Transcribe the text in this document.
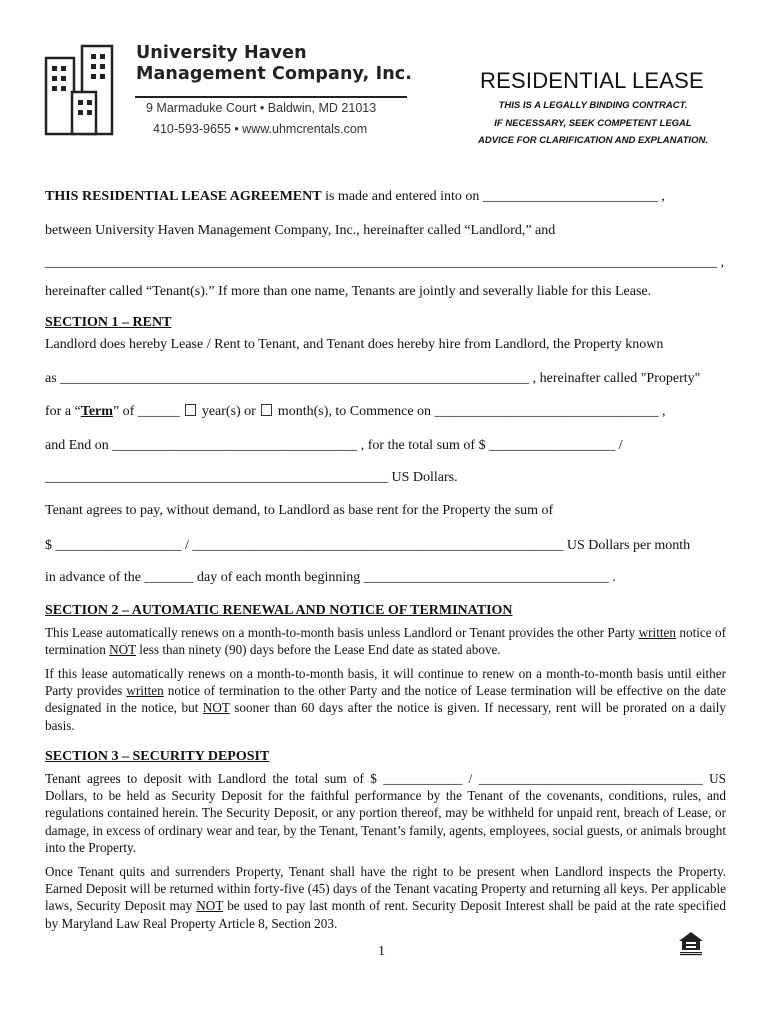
University Haven
Management Company, Inc.
9 Marmaduke Court • Baldwin, MD 21013
410-593-9655 • www.uhmcrentals.com
RESIDENTIAL LEASE
THIS IS A LEGALLY BINDING CONTRACT.
IF NECESSARY, SEEK COMPETENT LEGAL
ADVICE FOR CLARIFICATION AND EXPLANATION.
THIS RESIDENTIAL LEASE AGREEMENT is made and entered into on _________________________ ,
between University Haven Management Company, Inc., hereinafter called “Landlord,” and
________________________________________________________________________________________________ ,
hereinafter called “Tenant(s).” If more than one name, Tenants are jointly and severally liable for this Lease.
SECTION 1 – RENT
Landlord does hereby Lease / Rent to Tenant, and Tenant does hereby hire from Landlord, the Property known
as ___________________________________________________________________ , hereinafter called "Property"
for a “Term” of ______  year(s) or  month(s), to Commence on ________________________________ ,
and End on ___________________________________ , for the total sum of $ __________________ /
_________________________________________________ US Dollars.
Tenant agrees to pay, without demand, to Landlord as base rent for the Property the sum of
$ __________________ / _____________________________________________________ US Dollars per month
in advance of the _______ day of each month beginning ___________________________________ .
SECTION 2 – AUTOMATIC RENEWAL AND NOTICE OF TERMINATION
This Lease automatically renews on a month-to-month basis unless Landlord or Tenant provides the other Party written notice of termination NOT less than ninety (90) days before the Lease End date as stated above.
If this lease automatically renews on a month-to-month basis, it will continue to renew on a month-to-month basis until either Party provides written notice of termination to the other Party and the notice of Lease termination will be effective on the date designated in the notice, but NOT sooner than 60 days after the notice is given. If necessary, rent will be prorated on a daily basis.
SECTION 3 – SECURITY DEPOSIT
Tenant agrees to deposit with Landlord the total sum of $ ____________ / __________________________________ US Dollars, to be held as Security Deposit for the faithful performance by the Tenant of the covenants, conditions, rules, and regulations contained herein. The Security Deposit, or any portion thereof, may be withheld for unpaid rent, breach of Lease, or damage, in excess of ordinary wear and tear, by the Tenant, Tenant’s family, agents, employees, social guests, or animals brought into the Property.
Once Tenant quits and surrenders Property, Tenant shall have the right to be present when Landlord inspects the Property. Earned Deposit will be returned within forty-five (45) days of the Tenant vacating Property and returning all keys. Per applicable laws, Security Deposit may NOT be used to pay last month of rent. Security Deposit Interest shall be paid at the rate specified by Maryland Law Real Property Article 8, Section 203.
1
